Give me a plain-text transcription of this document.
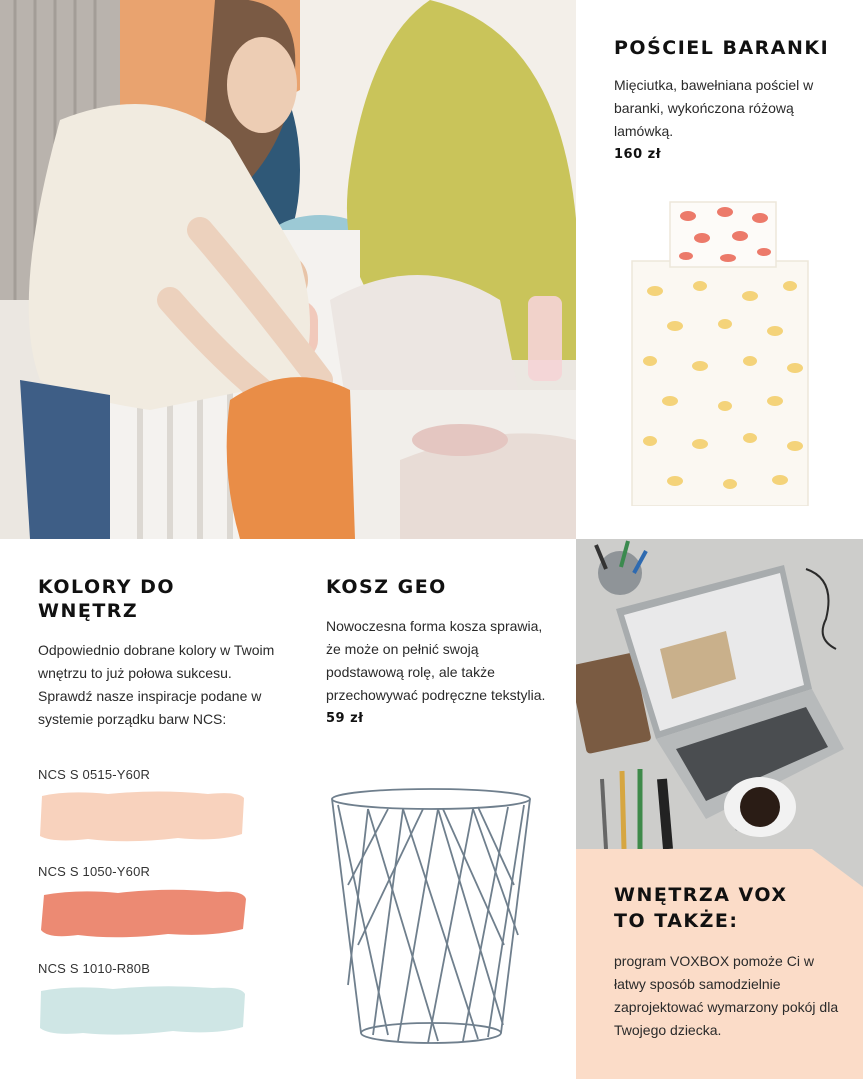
POŚCIEL BARANKI

Mięciutka, bawełniana pościel w baranki, wykończona różową lamówką.

160 zł

KOLORY DO WNĘTRZ

Odpowiednio dobrane kolory w Twoim wnętrzu to już połowa sukcesu. Sprawdź nasze inspiracje podane w systemie porządku barw NCS:

NCS S 0515-Y60R

NCS S 1050-Y60R

NCS S 1010-R80B

KOSZ GEO

Nowoczesna forma kosza sprawia, że może on pełnić swoją podstawową rolę, ale także przechowywać podręczne tekstylia.

59 zł

WNĘTRZA VOX
TO TAKŻE:

program VOXBOX pomoże Ci w łatwy sposób samodzielnie zaprojektować wymarzony pokój dla Twojego dziecka.
